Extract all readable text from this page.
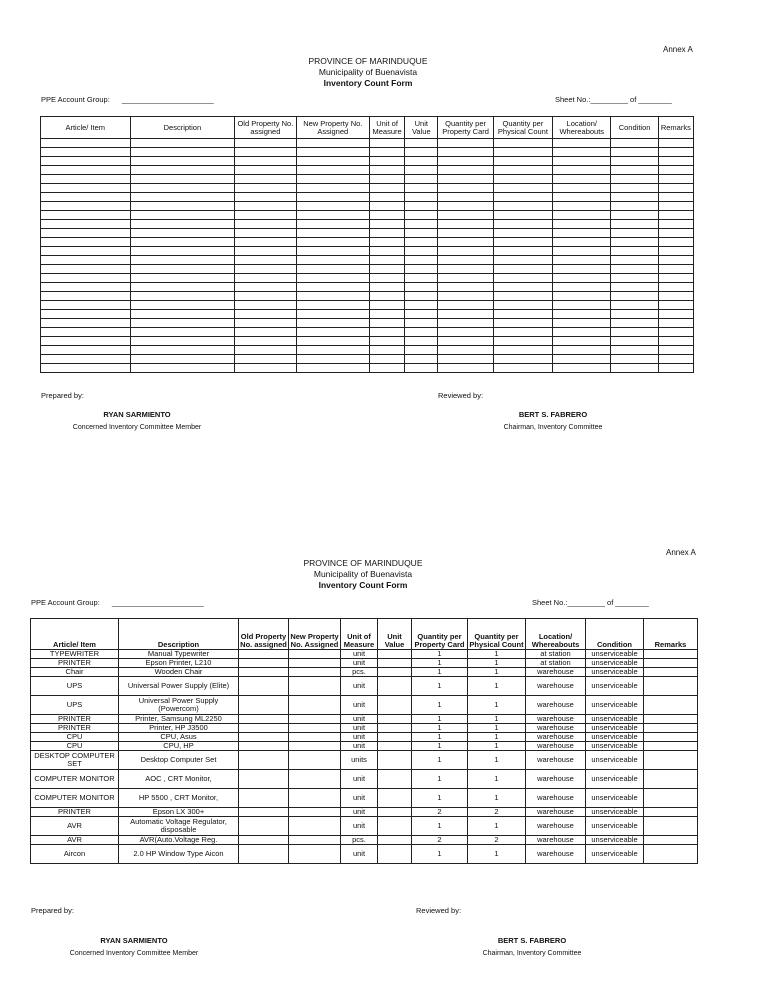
Annex A
PROVINCE OF MARINDUQUE
Municipality of Buenavista
Inventory Count Form
PPE Account Group: ______________________	Sheet No.:_________ of ________
Article/ Item	Description	Old Property No. assigned	New Property No. Assigned	Unit of Measure	Unit Value	Quantity per Property Card	Quantity per Physical Count	Location/ Whereabouts	Condition	Remarks

Prepared by:	Reviewed by:
RYAN SARMIENTO
Concerned Inventory Committee Member
BERT S. FABRERO
Chairman, Inventory Committee
Annex A
PROVINCE OF MARINDUQUE
Municipality of Buenavista
Inventory Count Form
PPE Account Group: ______________________	Sheet No.:_________ of ________
Article/ Item	Description	Old Property No. assigned	New Property No. Assigned	Unit of Measure	Unit Value	Quantity per Property Card	Quantity per Physical Count	Location/ Whereabouts	Condition	Remarks
TYPEWRITER	Manual Typewriter			unit		1	1	at station	unserviceable	
PRINTER	Epson Printer, L210			unit		1	1	at station	unserviceable	
Chair	Wooden Chair			pcs.		1	1	warehouse	unserviceable	
UPS	Universal Power Supply (Elite)			unit		1	1	warehouse	unserviceable	
UPS	Universal Power Supply (Powercom)			unit		1	1	warehouse	unserviceable	
PRINTER	Printer, Samsung ML2250			unit		1	1	warehouse	unserviceable	
PRINTER	Printer, HP J3500			unit		1	1	warehouse	unserviceable	
CPU	CPU, Asus			unit		1	1	warehouse	unserviceable	
CPU	CPU, HP			unit		1	1	warehouse	unserviceable	
DESKTOP COMPUTER SET	Desktop Computer Set			units		1	1	warehouse	unserviceable	
COMPUTER MONITOR	AOC , CRT Monitor,			unit		1	1	warehouse	unserviceable	
COMPUTER MONITOR	HP 5500 , CRT Monitor,			unit		1	1	warehouse	unserviceable	
PRINTER	Epson LX 300+			unit		2	2	warehouse	unserviceable	
AVR	Automatic Voltage Regulator, disposable			unit		1	1	warehouse	unserviceable	
AVR	AVR(Auto.Voltage Reg.			pcs.		2	2	warehouse	unserviceable	
Aircon	2.0 HP Window Type Aicon			unit		1	1	warehouse	unserviceable	
Prepared by:	Reviewed by:
RYAN SARMIENTO
Concerned Inventory Committee Member
BERT S. FABRERO
Chairman, Inventory Committee
